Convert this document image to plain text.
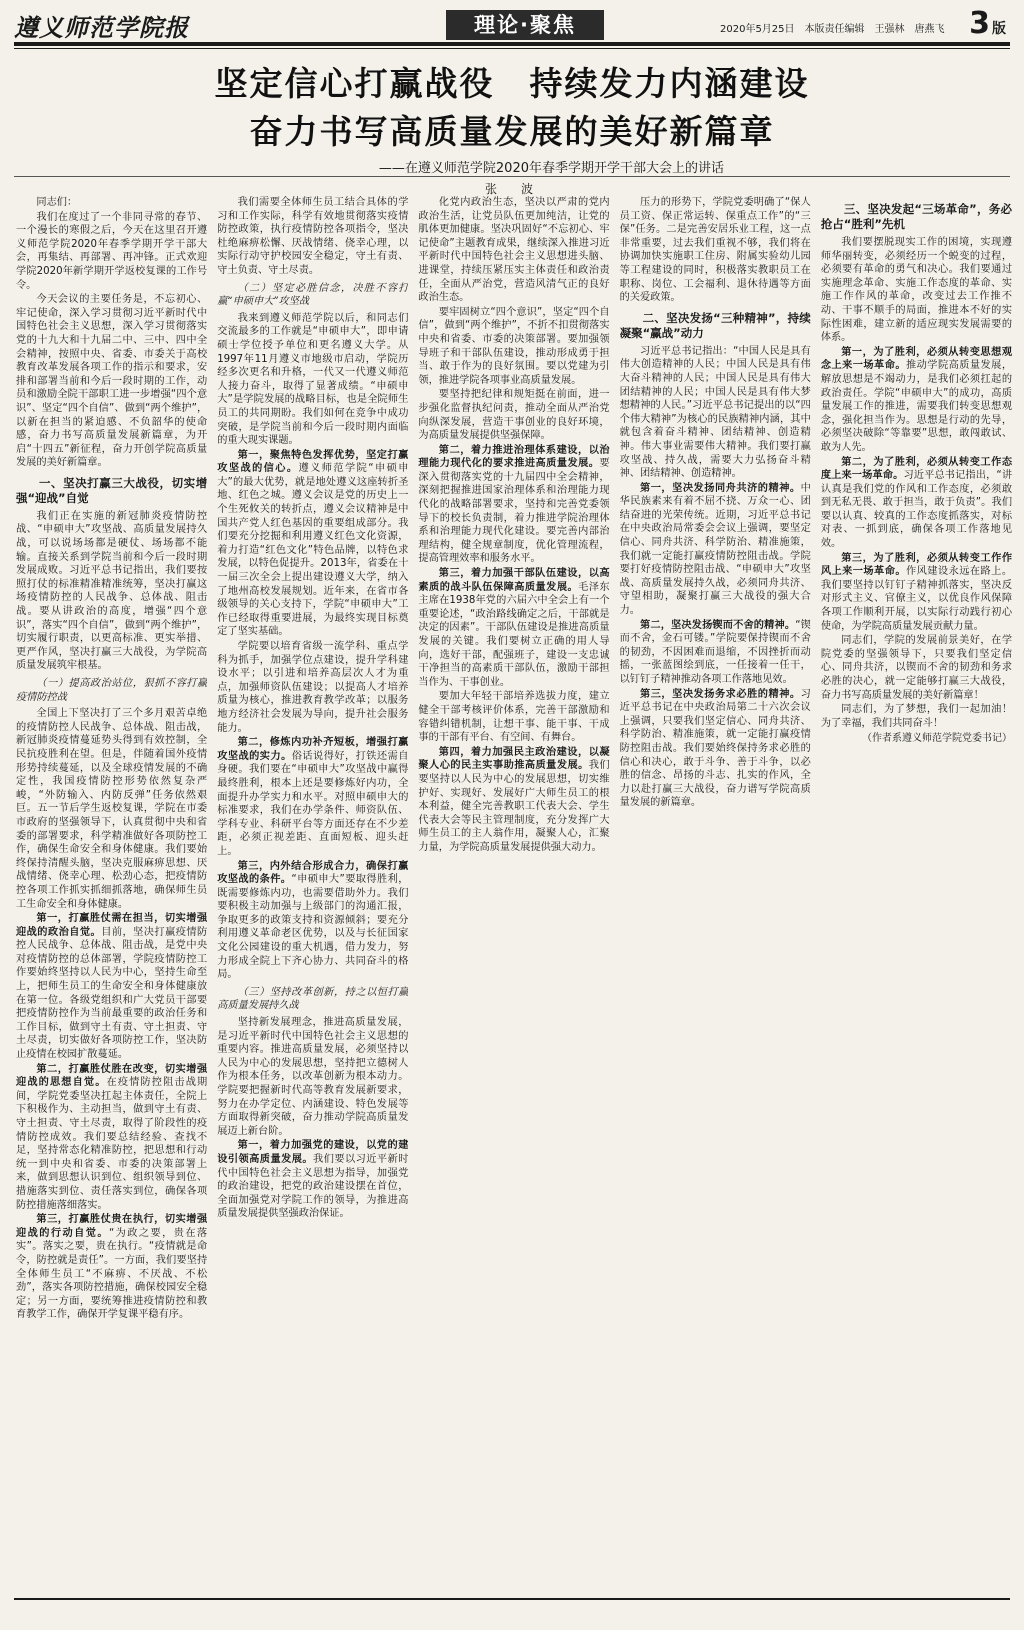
遵义师范学院报	理论·聚焦	2020年5月25日　本版责任编辑　王强林　唐燕飞 3 版
坚定信心打赢战役　持续发力内涵建设
奋力书写高质量发展的美好新篇章
——在遵义师范学院2020年春季学期开学干部大会上的讲话
张　波

同志们：

我们在度过了一个非同寻常的春节、一个漫长的寒假之后，今天在这里召开遵义师范学院2020年春季学期开学干部大会，再集结、再部署、再冲锋。正式欢迎学院2020年新学期开学返校复课的工作号令。

今天会议的主要任务是，不忘初心、牢记使命，深入学习贯彻习近平新时代中国特色社会主义思想，深入学习贯彻落实党的十九大和十九届二中、三中、四中全会精神，按照中央、省委、市委关于高校教育改革发展各项工作的指示和要求，安排和部署当前和今后一段时期的工作，动员和激励全院干部职工进一步增强“四个意识”、坚定“四个自信”、做到“两个维护”，以新在担当的紧迫感、不负韶华的使命感，奋力书写高质量发展新篇章，为开启“十四五”新征程，奋力开创学院高质量发展的美好新篇章。

一、坚决打赢三大战役，切实增强“迎战”自觉

我们正在实施的新冠肺炎疫情防控战、“申硕申大”攻坚战、高质量发展持久战，可以说场场都是硬仗、场场都不能输。直接关系到学院当前和今后一段时期发展成败。习近平总书记指出，我们要按照打仗的标准精准精准统筹，坚决打赢这场疫情防控的人民战争、总体战、阻击战。要从讲政治的高度，增强“四个意识”，落实“四个自信”，做到“两个维护”，切实履行职责，以更高标准、更实举措、更严作风，坚决打赢三大战役，为学院高质量发展筑牢根基。

（一）提高政治站位，狠抓不容打赢疫情防控战

全国上下坚决打了三个多月艰苦卓绝的疫情防控人民战争、总体战、阻击战，新冠肺炎疫情蔓延势头得到有效控制，全民抗疫胜利在望。但是，伴随着国外疫情形势持续蔓延，以及全球疫情发展的不确定性，我国疫情防控形势依然复杂严峻，“外防输入、内防反弹”任务依然艰巨。五一节后学生返校复课，学院在市委市政府的坚强领导下，认真贯彻中央和省委的部署要求，科学精准做好各项防控工作，确保生命安全和身体健康。我们要始终保持清醒头脑，坚决克服麻痹思想、厌战情绪、侥幸心理、松劲心态，把疫情防控各项工作抓实抓细抓落地，确保师生员工生命安全和身体健康。

第一，打赢胜仗需在担当，切实增强迎战的政治自觉。目前，坚决打赢疫情防控人民战争、总体战、阻击战，是党中央对疫情防控的总体部署，学院疫情防控工作要始终坚持以人民为中心，坚持生命至上，把师生员工的生命安全和身体健康放在第一位。各级党组织和广大党员干部要把疫情防控作为当前最重要的政治任务和工作目标，做到守土有责、守土担责、守土尽责，切实做好各项防控工作，坚决防止疫情在校园扩散蔓延。

第二，打赢胜仗胜在改变，切实增强迎战的思想自觉。在疫情防控阻击战期间，学院党委坚决扛起主体责任，全院上下积极作为、主动担当，做到守土有责、守土担责、守土尽责，取得了阶段性的疫情防控成效。我们要总结经验、查找不足，坚持常态化精准防控，把思想和行动统一到中央和省委、市委的决策部署上来，做到思想认识到位、组织领导到位、措施落实到位、责任落实到位，确保各项防控措施落细落实。

第三，打赢胜仗贵在执行，切实增强迎战的行动自觉。“为政之要，贵在落实”。落实之要，贵在执行。“疫情就是命令，防控就是责任”。一方面，我们要坚持全体师生员工“不麻痹、不厌战、不松劲”，落实各项防控措施，确保校园安全稳定；另一方面，要统筹推进疫情防控和教育教学工作，确保开学复课平稳有序。

我们需要全体师生员工结合具体的学习和工作实际，科学有效地贯彻落实疫情防控政策，执行疫情防控各项指令，坚决杜绝麻痹松懈、厌战情绪、侥幸心理，以实际行动守护校园安全稳定，守土有责、守土负责、守土尽责。

（二）坚定必胜信念，决胜不容打赢“申硕申大”攻坚战

我来到遵义师范学院以后，和同志们交流最多的工作就是“申硕申大”，即申请硕士学位授予单位和更名遵义大学。从1997年11月遵义市地级市启动，学院历经多次更名和升格，一代又一代遵义师范人接力奋斗，取得了显著成绩。“申硕申大”是学院发展的战略目标，也是全院师生员工的共同期盼。我们如何在竞争中成功突破，是学院当前和今后一段时期内面临的重大现实课题。

第一，聚焦特色发挥优势，坚定打赢攻坚战的信心。遵义师范学院“申硕申大”的最大优势，就是地处遵义这座转折圣地、红色之城。遵义会议是党的历史上一个生死攸关的转折点，遵义会议精神是中国共产党人红色基因的重要组成部分。我们要充分挖掘和利用遵义红色文化资源，着力打造“红色文化”特色品牌，以特色求发展，以特色促提升。2013年，省委在十一届三次全会上提出建设遵义大学，纳入了地州高校发展规划。近年来，在省市各级领导的关心支持下，学院“申硕申大”工作已经取得重要进展，为最终实现目标奠定了坚实基础。

学院要以培育省级一流学科、重点学科为抓手，加强学位点建设，提升学科建设水平；以引进和培养高层次人才为重点，加强师资队伍建设；以提高人才培养质量为核心，推进教育教学改革；以服务地方经济社会发展为导向，提升社会服务能力。

第二，修炼内功补齐短板，增强打赢攻坚战的实力。俗话说得好，打铁还需自身硬。我们要在“申硕申大”攻坚战中赢得最终胜利，根本上还是要修炼好内功，全面提升办学实力和水平。对照申硕申大的标准要求，我们在办学条件、师资队伍、学科专业、科研平台等方面还存在不少差距，必须正视差距、直面短板、迎头赶上。

第三，内外结合形成合力，确保打赢攻坚战的条件。“申硕申大”要取得胜利，既需要修炼内功，也需要借助外力。我们要积极主动加强与上级部门的沟通汇报，争取更多的政策支持和资源倾斜；要充分利用遵义革命老区优势，以及与长征国家文化公园建设的重大机遇，借力发力，努力形成全院上下齐心协力、共同奋斗的格局。

（三）坚持改革创新，持之以恒打赢高质量发展持久战

坚持新发展理念，推进高质量发展，是习近平新时代中国特色社会主义思想的重要内容。推进高质量发展，必须坚持以人民为中心的发展思想，坚持把立德树人作为根本任务，以改革创新为根本动力。学院要把握新时代高等教育发展新要求，努力在办学定位、内涵建设、特色发展等方面取得新突破，奋力推动学院高质量发展迈上新台阶。

第一，着力加强党的建设，以党的建设引领高质量发展。我们要以习近平新时代中国特色社会主义思想为指导，加强党的政治建设，把党的政治建设摆在首位，全面加强党对学院工作的领导，为推进高质量发展提供坚强政治保证。

化党内政治生态，坚决以严肃的党内政治生活，让党员队伍更加纯洁，让党的肌体更加健康。坚决巩固好“不忘初心、牢记使命”主题教育成果，继续深入推进习近平新时代中国特色社会主义思想进头脑、进课堂，持续压紧压实主体责任和政治责任，全面从严治党，营造风清气正的良好政治生态。

要牢固树立“四个意识”，坚定“四个自信”，做到“两个维护”，不折不扣贯彻落实中央和省委、市委的决策部署。要加强领导班子和干部队伍建设，推动形成勇于担当、敢于作为的良好氛围。要以党建为引领，推进学院各项事业高质量发展。

要坚持把纪律和规矩挺在前面，进一步强化监督执纪问责，推动全面从严治党向纵深发展，营造干事创业的良好环境，为高质量发展提供坚强保障。

第二，着力推进治理体系建设，以治理能力现代化的要求推进高质量发展。要深入贯彻落实党的十九届四中全会精神，深刻把握推进国家治理体系和治理能力现代化的战略部署要求，坚持和完善党委领导下的校长负责制，着力推进学院治理体系和治理能力现代化建设。要完善内部治理结构，健全规章制度，优化管理流程，提高管理效率和服务水平。

第三，着力加强干部队伍建设，以高素质的战斗队伍保障高质量发展。毛泽东主席在1938年党的六届六中全会上有一个重要论述，“政治路线确定之后，干部就是决定的因素”。干部队伍建设是推进高质量发展的关键。我们要树立正确的用人导向，选好干部，配强班子，建设一支忠诚干净担当的高素质干部队伍，激励干部担当作为、干事创业。

要加大年轻干部培养选拔力度，建立健全干部考核评价体系，完善干部激励和容错纠错机制，让想干事、能干事、干成事的干部有平台、有空间、有舞台。

第四，着力加强民主政治建设，以凝聚人心的民主实事助推高质量发展。我们要坚持以人民为中心的发展思想，切实维护好、实现好、发展好广大师生员工的根本利益，健全完善教职工代表大会、学生代表大会等民主管理制度，充分发挥广大师生员工的主人翁作用，凝聚人心，汇聚力量，为学院高质量发展提供强大动力。

压力的形势下，学院党委明确了“保人员工资、保正常运转、保重点工作”的“三保”任务。二是完善安居乐业工程，这一点非常重要，过去我们重视不够，我们将在协调加快实施职工住房、附属实验幼儿园等工程建设的同时，积极落实教职员工在职称、岗位、工会福利、退休待遇等方面的关爱政策。

二、坚决发扬“三种精神”，持续凝聚“赢战”动力

习近平总书记指出：“中国人民是具有伟大创造精神的人民；中国人民是具有伟大奋斗精神的人民；中国人民是具有伟大团结精神的人民；中国人民是具有伟大梦想精神的人民。”习近平总书记提出的以“四个伟大精神”为核心的民族精神内涵，其中就包含着奋斗精神、团结精神、创造精神。伟大事业需要伟大精神。我们要打赢攻坚战、持久战，需要大力弘扬奋斗精神、团结精神、创造精神。

第一，坚决发扬同舟共济的精神。中华民族素来有着不屈不挠、万众一心、团结奋进的光荣传统。近期，习近平总书记在中央政治局常委会会议上强调，要坚定信心、同舟共济、科学防治、精准施策，我们就一定能打赢疫情防控阻击战。学院要打好疫情防控阻击战、“申硕申大”攻坚战、高质量发展持久战，必须同舟共济、守望相助，凝聚打赢三大战役的强大合力。

第二，坚决发扬锲而不舍的精神。“锲而不舍，金石可镂。”学院要保持锲而不舍的韧劲，不因困难而退缩，不因挫折而动摇，一张蓝图绘到底，一任接着一任干，以钉钉子精神推动各项工作落地见效。

第三，坚决发扬务求必胜的精神。习近平总书记在中央政治局第二十六次会议上强调，只要我们坚定信心、同舟共济、科学防治、精准施策，就一定能打赢疫情防控阻击战。我们要始终保持务求必胜的信心和决心，敢于斗争、善于斗争，以必胜的信念、昂扬的斗志、扎实的作风，全力以赴打赢三大战役，奋力谱写学院高质量发展的新篇章。

三、坚决发起“三场革命”，务必抢占“胜利”先机

我们要摆脱现实工作的困境，实现遵师华丽转变，必须经历一个蜕变的过程，必须要有革命的勇气和决心。我们要通过实施理念革命、实施工作态度的革命、实施工作作风的革命，改变过去工作推不动、干事不顺手的局面，推进本不好的实际性困难，建立新的适应现实发展需要的体系。

第一，为了胜利，必须从转变思想观念上来一场革命。推动学院高质量发展，解放思想是不竭动力，是我们必须扛起的政治责任。学院“申硕申大”的成功，高质量发展工作的推进，需要我们转变思想观念，强化担当作为。思想是行动的先导，必须坚决破除“等靠要”思想，敢闯敢试、敢为人先。

第二，为了胜利，必须从转变工作态度上来一场革命。习近平总书记指出，“讲认真是我们党的作风和工作态度，必须敢到无私无畏、敢于担当，敢于负责”。我们要以认真、较真的工作态度抓落实，对标对表、一抓到底，确保各项工作落地见效。

第三，为了胜利，必须从转变工作作风上来一场革命。作风建设永远在路上。我们要坚持以钉钉子精神抓落实，坚决反对形式主义、官僚主义，以优良作风保障各项工作顺利开展，以实际行动践行初心使命，为学院高质量发展贡献力量。

同志们，学院的发展前景美好，在学院党委的坚强领导下，只要我们坚定信心、同舟共济，以锲而不舍的韧劲和务求必胜的决心，就一定能够打赢三大战役，奋力书写高质量发展的美好新篇章！

同志们，为了梦想，我们一起加油！为了幸福，我们共同奋斗！

（作者系遵义师范学院党委书记）
